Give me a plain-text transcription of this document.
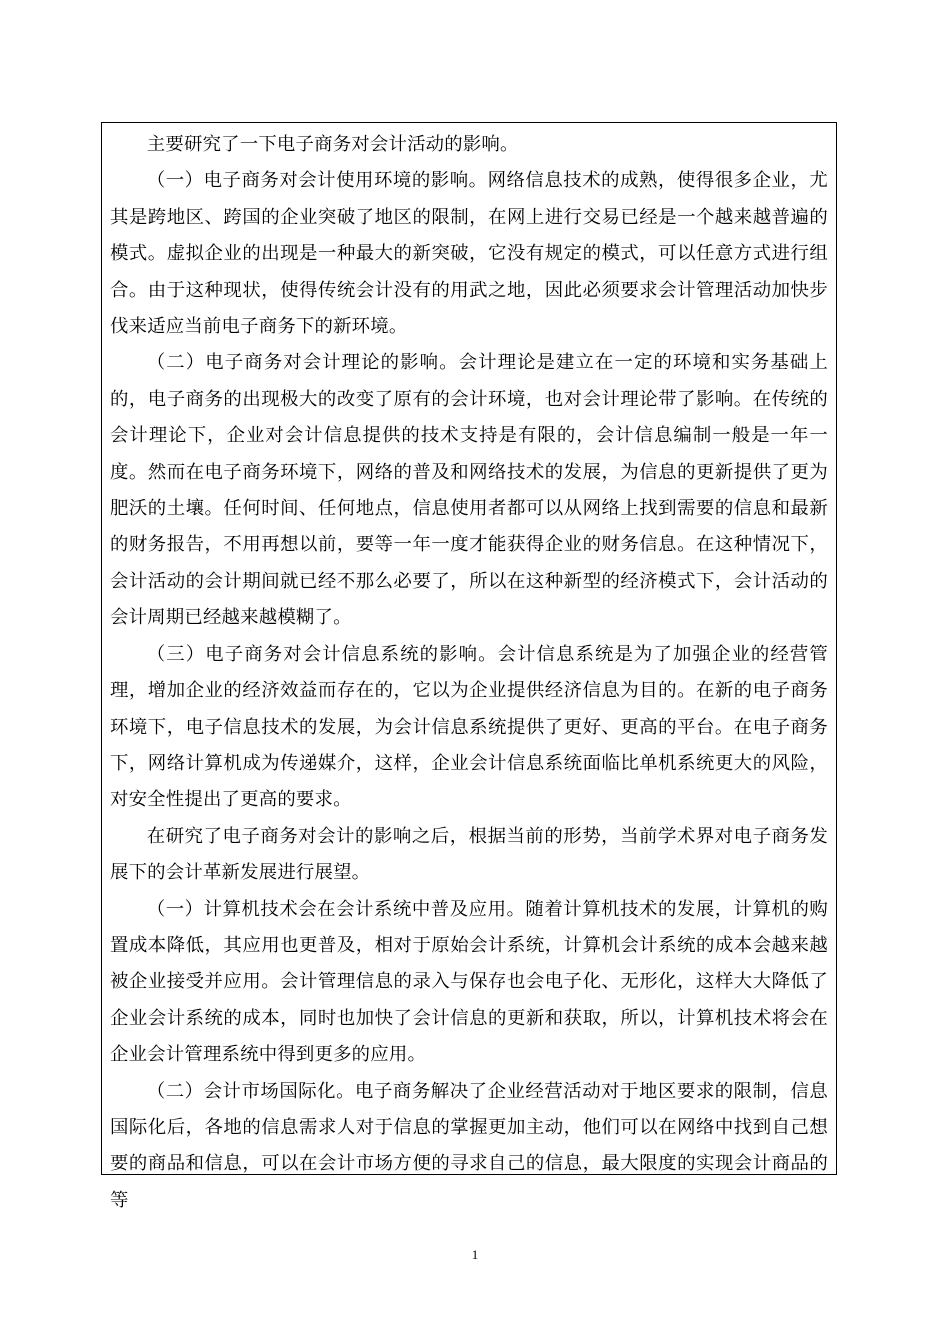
主要研究了一下电子商务对会计活动的影响。

（一）电子商务对会计使用环境的影响。网络信息技术的成熟，使得很多企业，尤其是跨地区、跨国的企业突破了地区的限制，在网上进行交易已经是一个越来越普遍的模式。虚拟企业的出现是一种最大的新突破，它没有规定的模式，可以任意方式进行组合。由于这种现状，使得传统会计没有的用武之地，因此必须要求会计管理活动加快步伐来适应当前电子商务下的新环境。

（二）电子商务对会计理论的影响。会计理论是建立在一定的环境和实务基础上的，电子商务的出现极大的改变了原有的会计环境，也对会计理论带了影响。在传统的会计理论下，企业对会计信息提供的技术支持是有限的，会计信息编制一般是一年一度。然而在电子商务环境下，网络的普及和网络技术的发展，为信息的更新提供了更为肥沃的土壤。任何时间、任何地点，信息使用者都可以从网络上找到需要的信息和最新的财务报告，不用再想以前，要等一年一度才能获得企业的财务信息。在这种情况下，会计活动的会计期间就已经不那么必要了，所以在这种新型的经济模式下，会计活动的会计周期已经越来越模糊了。

（三）电子商务对会计信息系统的影响。会计信息系统是为了加强企业的经营管理，增加企业的经济效益而存在的，它以为企业提供经济信息为目的。在新的电子商务环境下，电子信息技术的发展，为会计信息系统提供了更好、更高的平台。在电子商务下，网络计算机成为传递媒介，这样，企业会计信息系统面临比单机系统更大的风险，对安全性提出了更高的要求。

在研究了电子商务对会计的影响之后，根据当前的形势，当前学术界对电子商务发展下的会计革新发展进行展望。

（一）计算机技术会在会计系统中普及应用。随着计算机技术的发展，计算机的购置成本降低，其应用也更普及，相对于原始会计系统，计算机会计系统的成本会越来越被企业接受并应用。会计管理信息的录入与保存也会电子化、无形化，这样大大降低了企业会计系统的成本，同时也加快了会计信息的更新和获取，所以，计算机技术将会在企业会计管理系统中得到更多的应用。

（二）会计市场国际化。电子商务解决了企业经营活动对于地区要求的限制，信息国际化后，各地的信息需求人对于信息的掌握更加主动，他们可以在网络中找到自己想要的商品和信息，可以在会计市场方便的寻求自己的信息，最大限度的实现会计商品的等

1
